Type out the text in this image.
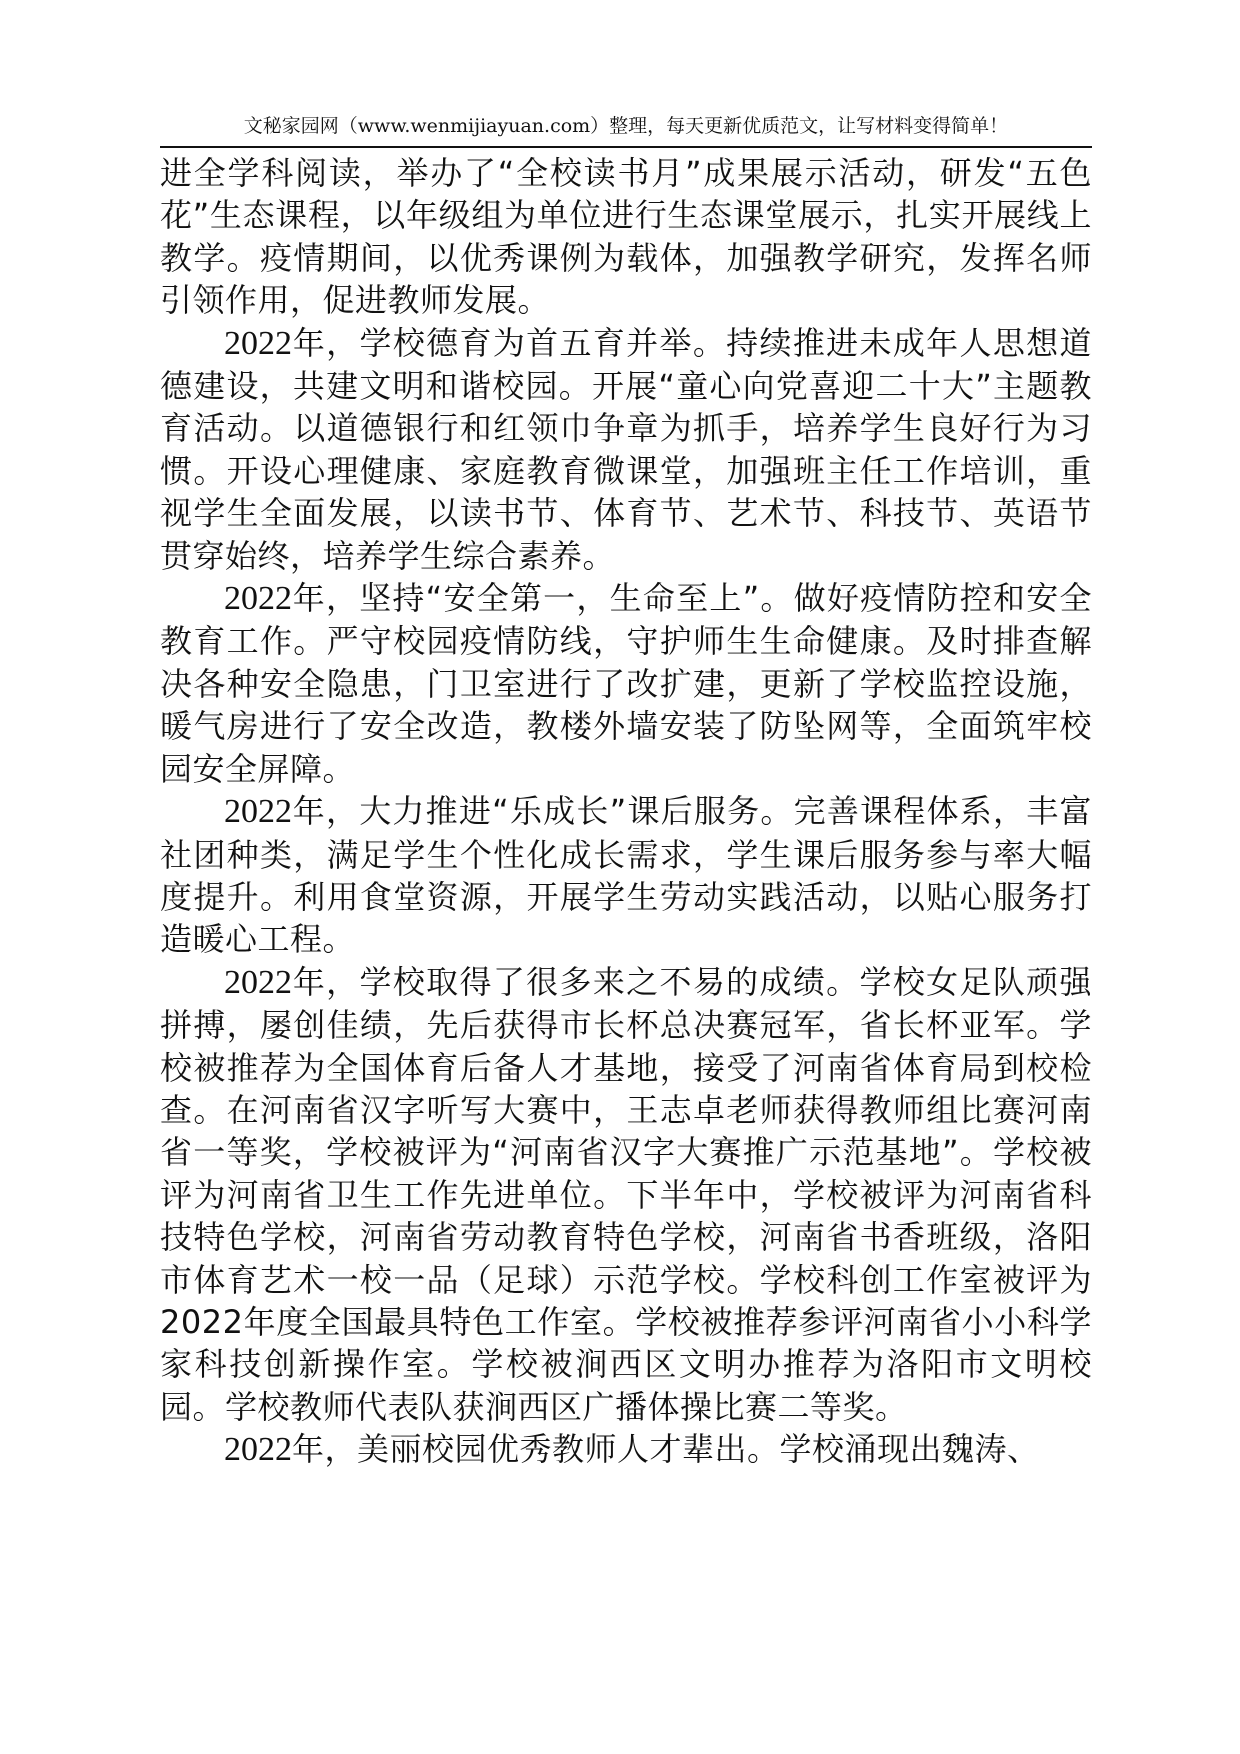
文秘家园网（www.wenmijiayuan.com）整理，每天更新优质范文，让写材料变得简单！

进全学科阅读，举办了“全校读书月”成果展示活动，研发“五色花”生态课程，以年级组为单位进行生态课堂展示，扎实开展线上教学。疫情期间，以优秀课例为载体，加强教学研究，发挥名师引领作用，促进教师发展。

2022年，学校德育为首五育并举。持续推进未成年人思想道德建设，共建文明和谐校园。开展“童心向党喜迎二十大”主题教育活动。以道德银行和红领巾争章为抓手，培养学生良好行为习惯。开设心理健康、家庭教育微课堂，加强班主任工作培训，重视学生全面发展，以读书节、体育节、艺术节、科技节、英语节贯穿始终，培养学生综合素养。

2022年，坚持“安全第一，生命至上”。做好疫情防控和安全教育工作。严守校园疫情防线，守护师生生命健康。及时排查解决各种安全隐患，门卫室进行了改扩建，更新了学校监控设施，暖气房进行了安全改造，教楼外墙安装了防坠网等，全面筑牢校园安全屏障。

2022年，大力推进“乐成长”课后服务。完善课程体系，丰富社团种类，满足学生个性化成长需求，学生课后服务参与率大幅度提升。利用食堂资源，开展学生劳动实践活动，以贴心服务打造暖心工程。

2022年，学校取得了很多来之不易的成绩。学校女足队顽强拼搏，屡创佳绩，先后获得市长杯总决赛冠军，省长杯亚军。学校被推荐为全国体育后备人才基地，接受了河南省体育局到校检查。在河南省汉字听写大赛中，王志卓老师获得教师组比赛河南省一等奖，学校被评为“河南省汉字大赛推广示范基地”。学校被评为河南省卫生工作先进单位。下半年中，学校被评为河南省科技特色学校，河南省劳动教育特色学校，河南省书香班级，洛阳市体育艺术一校一品（足球）示范学校。学校科创工作室被评为2022年度全国最具特色工作室。学校被推荐参评河南省小小科学家科技创新操作室。学校被涧西区文明办推荐为洛阳市文明校园。学校教师代表队获涧西区广播体操比赛二等奖。

2022年，美丽校园优秀教师人才辈出。学校涌现出魏涛、
